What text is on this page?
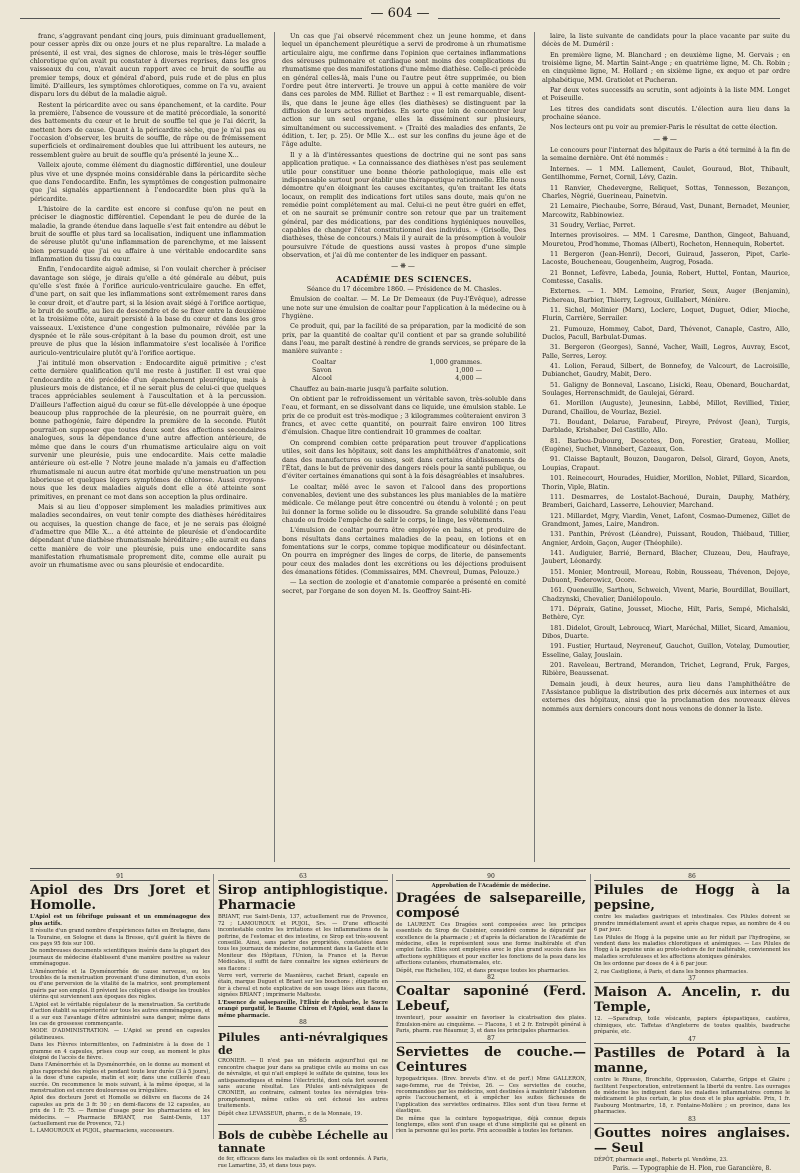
— 604 —

franc, s'aggravant pendant cinq jours, puis diminuant graduellement, pour cesser après dix ou onze jours et ne plus reparaître. La malade a présenté, il est vrai, des signes de chlorose, mais le très-léger souffle chlorotique qu'on avait pu constater à diverses reprises, dans les gros vaisseaux du cou, n'avait aucun rapport avec ce bruit de souffle au premier temps, doux et général d'abord, puis rude et de plus en plus limité. D'ailleurs, les symptômes chlorotiques, comme on l'a vu, avaient disparu lors du début de la maladie aiguë.

Restent la péricardite avec ou sans épanchement, et la cardite. Pour la première, l'absence de voussure et de matité précordiale, la sonorité des battements du cœur et le bruit de souffle tel que je l'ai décrit, la mettent hors de cause. Quant à la péricardite sèche, que je n'ai pas eu l'occasion d'observer, les bruits de souffle, de râpe ou de frémissement superficiels et ordinairement doubles que lui attribuent les auteurs, ne ressemblent guère au bruit de souffle qu'a présenté la jeune X...

Valleix ajoute, comme élément du diagnostic différentiel, une douleur plus vive et une dyspnée moins considérable dans la péricardite sèche que dans l'endocardite. Enfin, les symptômes de congestion pulmonaire que j'ai signalés appartiennent à l'endocardite bien plus qu'à la péricardite.

L'histoire de la cardite est encore si confuse qu'on ne peut en préciser le diagnostic différentiel. Cependant le peu de durée de la maladie, la grande étendue dans laquelle s'est fait entendre au début le bruit de souffle et plus tard sa localisation, indiquent une inflammation de séreuse plutôt qu'une inflammation de parenchyme, et me laissent bien persuadé que j'ai eu affaire à une véritable endocardite sans inflammation du tissu du cœur.

Enfin, l'endocardite aiguë admise, si l'on voulait chercher à préciser davantage son siége, je dirais qu'elle a été générale au début, puis qu'elle s'est fixée à l'orifice auriculo-ventriculaire gauche. En effet, d'une part, on sait que les inflammations sont extrêmement rares dans le cœur droit, et d'autre part, si la lésion avait siégé à l'orifice aortique, le bruit de souffle, au lieu de descendre et de se fixer entre la deuxième et la troisième côte, aurait persisté à la base du cœur et dans les gros vaisseaux. L'existence d'une congestion pulmonaire, révélée par la dyspnée et le râle sous-crépitant à la base du poumon droit, est une preuve de plus que la lésion inflammatoire s'est localisée à l'orifice auriculo-ventriculaire plutôt qu'à l'orifice aortique.

J'ai intitulé mon observation : Endocardite aiguë primitive ; c'est cette dernière qualification qu'il me reste à justifier. Il est vrai que l'endocardite a été précédée d'un épanchement pleurétique, mais à plusieurs mois de distance, et il ne serait plus de celui-ci que quelques traces appréciables seulement à l'auscultation et à la percussion. D'ailleurs l'affection aiguë du cœur se fût-elle développée à une époque beaucoup plus rapprochée de la pleurésie, on ne pourrait guère, en bonne pathogénie, faire dépendre la première de la seconde. Plutôt pourrait-on supposer que toutes deux sont des affections secondaires analogues, sous la dépendance d'une autre affection antérieure, de même que dans le cours d'un rhumatisme articulaire aigu on voit survenir une pleurésie, puis une endocardite. Mais cette maladie antérieure où est-elle ? Notre jeune malade n'a jamais eu d'affection rhumatismale ni aucun autre état morbide qu'une menstruation un peu laborieuse et quelques légers symptômes de chlorose. Aussi croyons-nous que les deux maladies aiguës dont elle a été atteinte sont primitives, en prenant ce mot dans son acception la plus ordinaire.

Mais si au lieu d'opposer simplement les maladies primitives aux maladies secondaires, on veut tenir compte des diathèses héréditaires ou acquises, la question change de face, et je ne serais pas éloigné d'admettre que Mlle X... a été atteinte de pleurésie et d'endocardite dépendant d'une diathèse rhumatismale héréditaire ; elle aurait eu dans cette manière de voir une pleurésie, puis une endocardite sans manifestation rhumatismale proprement dite, comme elle aurait pu avoir un rhumatisme avec ou sans pleurésie et endocardite.

Un cas que j'ai observé récemment chez un jeune homme, et dans lequel un épanchement pleurétique a servi de prodrome à un rhumatisme articulaire aigu, me confirme dans l'opinion que certaines inflammations des séreuses pulmonaire et cardiaque sont moins des complications du rhumatisme que des manifestations d'une même diathèse. Celle-ci précède en général celles-là, mais l'une ou l'autre peut être supprimée, ou bien l'ordre peut être interverti. Je trouve un appui à cette manière de voir dans ces paroles de MM. Rilliet et Barthez : « Il est remarquable, disent-ils, que dans le jeune âge elles (les diathèses) se distinguent par la diffusion de leurs actes morbides. En sorte que loin de concentrer leur action sur un seul organe, elles la disséminent sur plusieurs, simultanément ou successivement. » (Traité des maladies des enfants, 2e édition, t. Ier, p. 25). Or Mlle X... est sur les confins du jeune âge et de l'âge adulte.

Il y a là d'intéressantes questions de doctrine qui ne sont pas sans application pratique. « La connaissance des diathèses n'est pas seulement utile pour constituer une bonne théorie pathologique, mais elle est indispensable surtout pour établir une thérapeutique rationnelle. Elle nous démontre qu'en éloignant les causes excitantes, qu'en traitant les états locaux, on remplit des indications fort utiles sans doute, mais qu'on ne remédie point complétement au mal. Celui-ci ne peut être guéri en effet, et on ne saurait se prémunir contre son retour que par un traitement général, par des médications, par des conditions hygiéniques nouvelles, capables de changer l'état constitutionnel des individus. » (Grisolle, Des diathèses, thèse de concours.) Mais il y aurait de la présomption à vouloir poursuivre l'étude de questions aussi vastes à propos d'une simple observation, et j'ai dû me contenter de les indiquer en passant.

—❋—
ACADÉMIE DES SCIENCES.

Séance du 17 décembre 1860. — Présidence de M. Chasles.

Émulsion de coaltar. — M. Le Dr Demeaux (de Puy-l'Évêque), adresse une note sur une émulsion de coaltar pour l'application à la médecine ou à l'hygiène.

Ce produit, qui, par la facilité de sa préparation, par la modicité de son prix, par la quantité de coaltar qu'il contient et par sa grande solubilité dans l'eau, me paraît destiné à rendre de grands services, se prépare de la manière suivante :

Coaltar	1,000 grammes.
Savon	1,000 —
Alcool	4,000 —

Chauffez au bain-marie jusqu'à parfaite solution.

On obtient par le refroidissement un véritable savon, très-soluble dans l'eau, et formant, en se dissolvant dans ce liquide, une émulsion stable. Le prix de ce produit est très-modique ; 3 kilogrammes coûteraient environ 3 francs, et avec cette quantité, on pourrait faire environ 100 litres d'émulsion. Chaque litre contiendrait 10 grammes de coaltar.

On comprend combien cette préparation peut trouver d'applications utiles, soit dans les hôpitaux, soit dans les amphithéâtres d'anatomie, soit dans des manufactures ou usines, soit dans certains établissements de l'État, dans le but de prévenir des dangers réels pour la santé publique, ou d'éviter certaines émanations qui sont à la fois désagréables et insalubres.

Le coaltar, mêlé avec le savon et l'alcool dans des proportions convenables, devient une des substances les plus maniables de la matière médicale. Ce mélange peut être concentré ou étendu à volonté ; on peut lui donner la forme solide ou le dissoudre. Sa grande solubilité dans l'eau chaude ou froide l'empêche de salir le corps, le linge, les vêtements.

L'émulsion de coaltar pourra être employée en bains, et produire de bons résultats dans certaines maladies de la peau, en lotions et en fomentations sur le corps, comme topique modificateur ou désinfectant. On pourra en imprégner des linges de corps, de literie, de pansements pour ceux des malades dont les excrétions ou les déjections produisent des émanations fétides. (Commissaires, MM. Chevreul, Dumas, Pelouze.)

— La section de zoologie et d'anatomie comparée a présenté en comité secret, par l'organe de son doyen M. Is. Geoffroy Saint-Hi-

laire, la liste suivante de candidats pour la place vacante par suite du décès de M. Duméril :

En première ligne, M. Blanchard ; en deuxième ligne, M. Gervais ; en troisième ligne, M. Martin Saint-Ange ; en quatrième ligne, M. Ch. Robin ; en cinquième ligne, M. Hollard ; en sixième ligne, ex æquo et par ordre alphabétique, MM. Gratiolet et Pucheran.

Par deux votes successifs au scrutin, sont adjoints à la liste MM. Longet et Poiseuille.

Les titres des candidats sont discutés. L'élection aura lieu dans la prochaine séance.

Nos lecteurs ont pu voir au premier-Paris le résultat de cette élection.

—❋—

Le concours pour l'internat des hôpitaux de Paris a été terminé à la fin de la semaine dernière. Ont été nommés :

Internes. — 1 MM. Lallement, Caulet, Gouraud, Blot, Thibault, Gentilhomme, Fernet, Cornil, Lévy, Cazin.

11 Ranvier, Chedevergne, Reliquet, Sottas, Tennesson, Bezançon, Charles, Nègrié, Guerineau, Painetvin.

21 Lemaire, Piechaube, Sorre, Béraud, Vast, Dunant, Bernadet, Meunier, Marcowitz, Rabbinowiez.

31 Soudry, Verliac, Perret.

Internes provisoires. — MM. 1 Caresme, Danthon, Gingeot, Bahuand, Mouretou, Prod'homme, Thomas (Albert), Rocheton, Hennequin, Robertet.

11 Bergeron (Jean-Henri), Decori, Guiraud, Jasseron, Pipet, Carle-Lacoste, Boucheneau, Gougenheim, Augrog, Posada.

21 Bonnet, Lefèvre, Labeda, Jounia, Robert, Huttel, Fontan, Maurice, Comtesse, Casalis.

Externes. — 1. MM. Lemoine, Frarier, Seux, Auger (Benjamin), Pichereau, Barbier, Thierry, Legroux, Guillabert, Ménière.

11. Sichel, Molinier (Marx), Loclerc, Loquet, Duguet, Odier, Mioche, Flurin, Carrière, Serrailer.

21. Fumouze, Hommey, Cabot, Dard, Thévenot, Canaple, Castro, Allo, Duclos, Pacull, Barbulat-Dumas.

31. Bergeron (Georges), Sanné, Vacher, Waill, Legros, Auvray, Escot, Palle, Serres, Leroy.

41. Lolion, Feraud, Silbert, de Bonnefoy, de Valcourt, de Lacroisille, Dubianchet, Gaudry, Mabit, Dero.

51. Galigny de Bonneval, Lascano, Lisicki, Reau, Obenard, Bouchardat, Soulages, Herrenschmidt, de Gaulejai, Gérard.

61. Morillon (Auguste), Jeunesinn, Labbé, Millot, Revillied, Tixier, Durand, Chaillou, de Vourlaz, Beziel.

71. Boudant, Delarue, Farabeuf, Pireyre, Prévost (Jean), Turgis, Darblade, Krishaber, Del Castillo, Allo.

81. Barbou-Dubourg, Descotes, Don, Forestier, Grateau, Mollier, (Eugène), Suchet, Vinnebert, Cazeaux, Gon.

91. Claisse Baptault, Bouzon, Daugaron, Delsol, Girard, Goyon, Anets, Loupias, Crapaut.

101. Reinecourt, Hourades, Huidier, Morillon, Noblet, Pillard, Sicardon, Thorin, Viple, Blatin.

111. Desmarres, de Lostalot-Bachoué, Durain, Dauphy, Mathéry, Bramberi, Gaichard, Lasserre, Lehouvier, Marchand.

121. Millardet, Mgry, Viardin, Venet, Lafont, Cosmao-Dumenez, Gillet de Grandmont, James, Laire, Mandron.

131. Panthin, Prévost (Léandre), Puissant, Roudon, Thiébaud, Tillier, Angnier, Ardoin, Gaçon, Auger (Théophile).

141. Audiguier, Barrié, Bernard, Blacher, Cluzeau, Deu, Haufraye, Jaubert, Léonardy.

151. Monier, Montreuil, Moreau, Robin, Rousseau, Thévenon, Dejoye, Dubuont, Federowicz, Ocore.

161. Queneuille, Sarthou, Schweich, Vivent, Marie, Bourdillat, Bouillart, Chadzynski, Chevalier, Daniélopoulo.

171. Dépraix, Gatine, Jousset, Mioche, Hilt, Paris, Sempé, Michalski, Bethère, Cyr.

181. Didelot, Groult, Lebroucq, Wiart, Maréchal, Millet, Sicard, Amaniou, Dibos, Duarte.

191. Fustier, Hurtaud, Neyreneuf, Gauchot, Guillon, Votelay, Dumoutier, Esseline, Galay, Jouslain.

201. Raveleau, Bertrand, Merandon, Trichet, Legrand, Fruk, Farges, Ribière, Beaussenat.

Demain jeudi, à deux heures, aura lieu dans l'amphithéâtre de l'Assistance publique la distribution des prix décernés aux internes et aux externes des hôpitaux, ainsi que la proclamation des nouveaux élèves nommés aux derniers concours dont nous venons de donner la liste.

91
Apiol des Drs Joret et Homolle.

L'Apiol est un fébrifuge puissant et un emménagogue des plus actifs.

Il résulte d'un grand nombre d'expériences faites en Bretagne, dans la Touraine, en Sologne et dans la Bresse, qu'il guérit la fièvre de ces pays 95 fois sur 100.

De nombreuses documents scientifiques insérés dans la plupart des journaux de médecine établissent d'une manière positive sa valeur emménagogue.

L'Aménorrhée et la Dysménorrhée de cause nerveuse, ou les troubles de la menstruation provenant d'une diminution, d'un excès ou d'une perversion de la vitalité de la matrice, sont promptement guéris par son emploi. Il prévient les coliques et dissipe les troubles utérins qui surviennent aux époques des règles.

L'Apiol est le véritable régulateur de la menstruation. Sa certitude d'action établit sa supériorité sur tous les autres emménagogues, et il a sur eux l'avantage d'être administré sans danger, même dans les cas de grossesse commençante.

MODE D'ADMINISTRATION. — L'Apiol se prend en capsules gélatineuses.

Dans les Fièvres intermittentes, on l'administre à la dose de 1 gramme en 4 capsules, prises coup sur coup, au moment le plus éloigné de l'accès de fièvre.

Dans l'Aménorrhée et la Dysménorrhée, on le donne au moment et plus rapproché des règles et pendant toute leur durée (3 à 5 jours), à la dose d'une capsule, matin et soir, dans une cuillerée d'eau sucrée. On recommence le mois suivant, à la même époque, si la menstruation est encore douloureuse ou irrégulière.

Apiol des docteurs Joret et Homolle se délivre en flacons de 24 capsules au prix de 3 fr. 50 ; en demi-flacons de 12 capsules, au prix de 1 fr. 75. — Remise d'usage pour les pharmaciens et les médecins. — Pharmacie BRIANT, rue Saint-Denis, 137 (actuellement rue de Provence, 72.)

L. LAMOUROUX et PUJOL, pharmaciens, successeurs.

63
Sirop antiphlogistique. Pharmacie

BRIANT, rue Saint-Denis, 137, actuellement rue de Provence, 72 ; LAMOUROUX et PUJOL, Srs. — D'une efficacité incontestable contre les irritations et les inflammations de la poitrine, de l'estomac et des intestins, ce Sirop est très-souvent conseillé. Ainsi, sans parler des propriétés, constatées dans tous les journaux de médecine, notamment dans la Gazette et le Moniteur des Hôpitaux, l'Union, la France et la Revue Médicales, il suffit de faire connaître les signes extérieurs de ses flacons :

Verre vert, verrerie de Masnières, cachet Briant, capsule en étain, marque Duguet et Briant sur les bouchons ; étiquette en fer à cheval et note explicative de son usage liées aux flacons, signées BRIANT ; imprimerie Malteste.

L'Essence de salsepareille, l'Elixir de rhubarbe, le Sucre orangé purgatif, le Baume Chiron et l'Apiol, sont dans la même pharmacie.

88
Pilules anti-névralgiques de

CRONIER. — Il n'est pas un médecin aujourd'hui qui ne rencontre chaque jour dans sa pratique civile au moins un cas de névralgie, et qui n'ait employé le sulfate de quinine, tous les antispasmodiques et même l'électricité, dont cela fort souvent sans aucune résultat. Les Pilules anti-névralgiques de CRONIER, au contraire, calment toutes les névralgies très-promptement, même celles où ont échoué les autres traitements.

Dépôt chez LEVASSEUR, pharm., r. de la Monnaie, 19.

85
Bols de cubèbe Léchelle au tannate

de fer, efficaces dans les maladies où ils sont ordonnés. À Paris, rue Lamartine, 35, et dans tous pays.

90

Approbation de l'Académie de médecine.

Dragées de salsepareille, composé

de LAURENT. Ces Dragées sont composées avec les principes essentiels du Sirop de Cuisinier, considéré comme le dépuratif par excellence de la pharmacie ; et d'après la déclaration de l'Académie de médecine, elles le représentent sous une forme inaltérable et d'un emploi facile. Elles sont employées avec le plus grand succès dans les affections syphilitiques et pour exciter les fonctions de la peau dans les affections cutanées, rhumatismales, etc.

Dépôt, rue Richelieu, 102, et dans presque toutes les pharmacies.

82
Coaltar saponiné (Ferd. Lebeuf,

inventeur), pour assainir en favoriser la cicatrisation des plaies. Émulsion-mère au cinquième. — Flacons, 1 et 2 fr. Entrepôt général à Paris, pharm. rue Réaumur, 3, et dans les principales pharmacies.

87
Serviettes de couche.— Ceintures

hypogastriques. (Brev. brevets d'inv. et de perf.) Mme GALLERON, sage-femme, rue de Trévise, 26. — Ces serviettes de couche, recommandées par les médecins, sont destinées à maintenir l'abdomen après l'accouchement, et à empêcher les suites fâcheuses de l'application des serviettes ordinaires. Elles sont d'un tissu ferme et élastique.

De même que la ceinture hypogastrique, déjà connue depuis longtemps, elles sont d'un usage et d'une simplicité qui se gênent en rien la personne qui les porte. Prix accessible à toutes les fortunes.

86
Pilules de Hogg à la pepsine,

contre les maladies gastriques et intestinales. Ces Pilules doivent se prendre immédiatement avant et après chaque repas, au nombre de 4 ou 6 par jour.

Les Pilules de Hogg à la pepsine unie au fer réduit par l'hydrogène, se vendent dans les maladies chlorotiques et anémiques. — Les Pilules de Hogg à la pepsine unie au proto-iodure de fer inaltérable, conviennent les maladies scrofuleuses et les affections atoniques générales.

On les ordonne par doses de 4 à 6 par jour.

2, rue Castiglione, à Paris, et dans les bonnes pharmacies.

37
Maison A. Ancelin, r. du Temple,

12. —Sparadrap, toile vésicante, papiers épispastiques, cautères, chimiques, etc. Taffetas d'Angleterre de toutes qualités, baudruche préparée, etc.

47
Pastilles de Potard à la manne,

contre le Rhume, Bronchite, Oppression, Catarrhe, Grippe et Glaire ; facilitent l'expectoration, entretiennent la liberté du ventre. Les ouvrages de médecine les indiquent dans les maladies inflammatoires comme le médicament le plus certain, le plus doux et le plus agréable. Prix, 1 fr. Faubourg Montmartre, 18, r. Fontaine-Molière ; en province, dans les pharmacies.

83
Gouttes noires anglaises. — Seul

DÉPÔT, pharmacie angl., Roberts pl. Vendôme, 23.

Paris. — Typographie de H. Plon, rue Garancière, 8.
